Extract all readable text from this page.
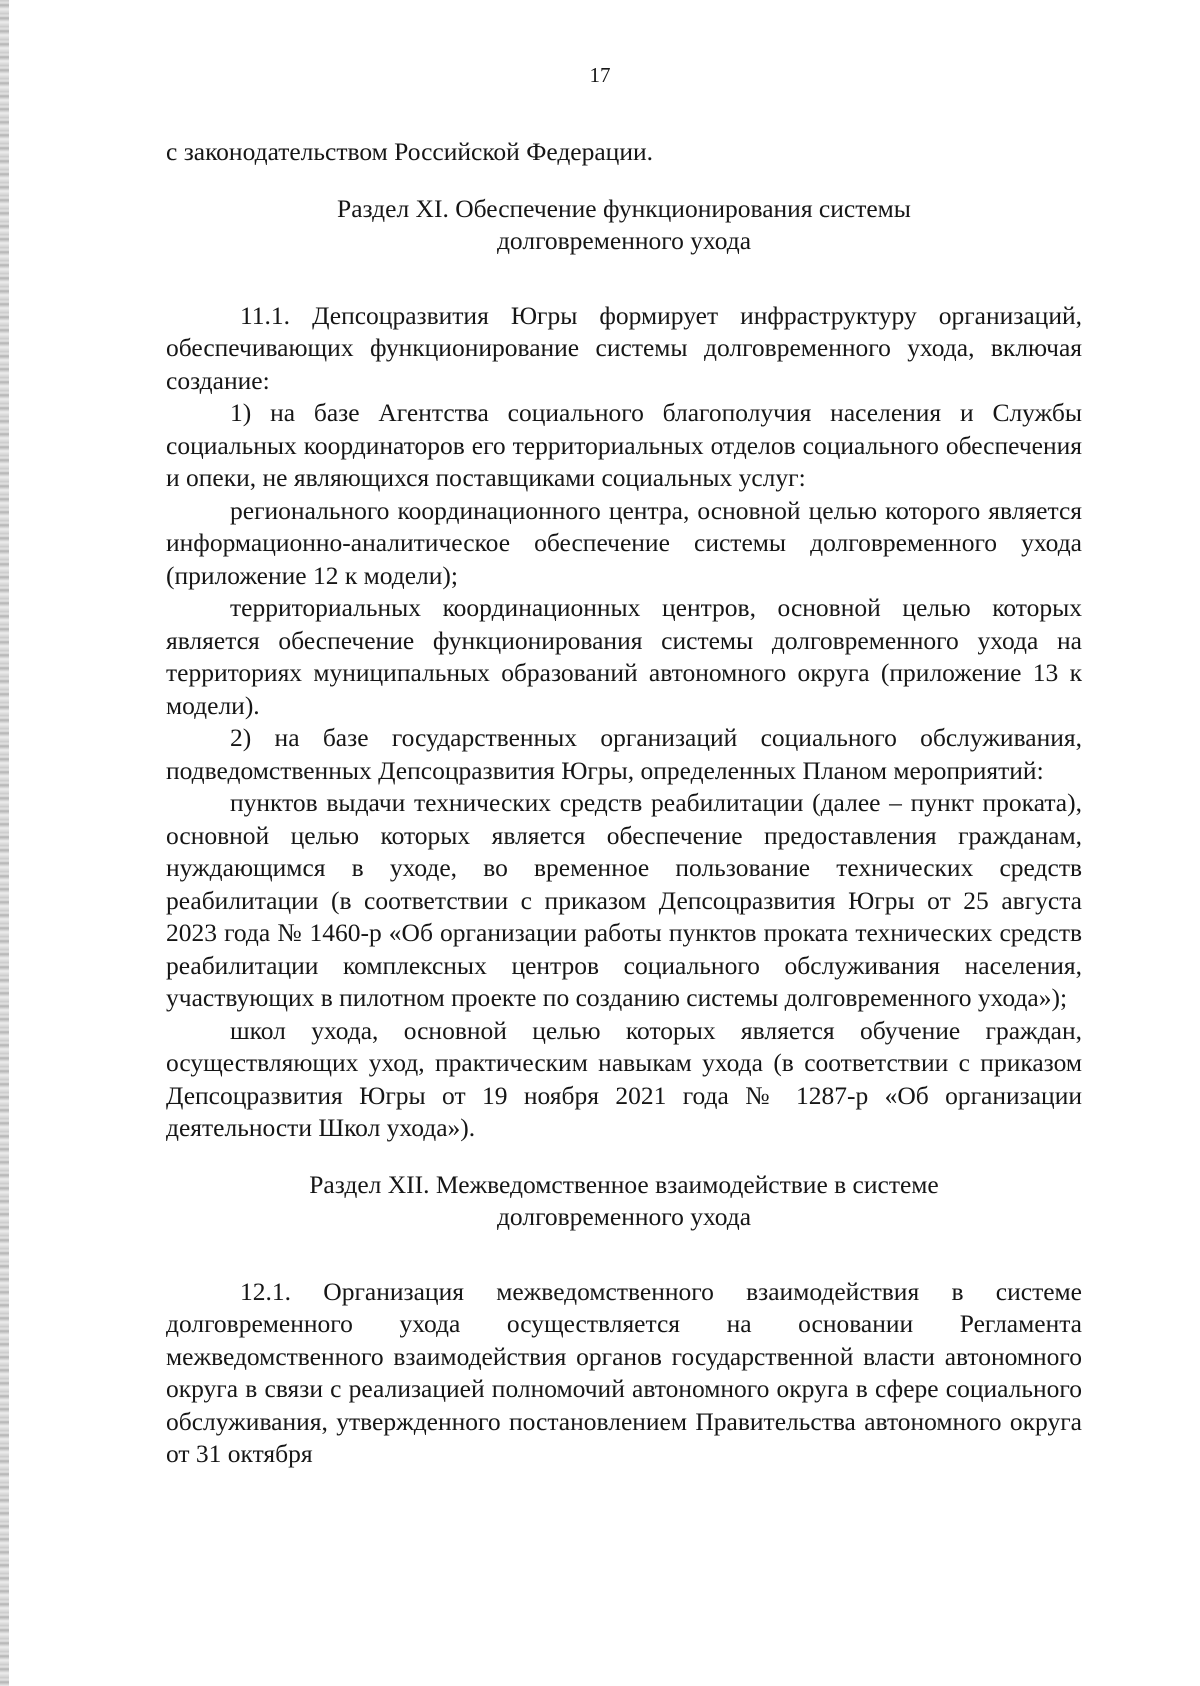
17

с законодательством Российской Федерации.

Раздел XI. Обеспечение функционирования системы
долговременного ухода

11.1. Депсоцразвития Югры формирует инфраструктуру организаций, обеспечивающих функционирование системы долговременного ухода, включая создание:

1) на базе Агентства социального благополучия населения и Службы социальных координаторов его территориальных отделов социального обеспечения и опеки, не являющихся поставщиками социальных услуг:

регионального координационного центра, основной целью которого является информационно-аналитическое обеспечение системы долговременного ухода (приложение 12 к модели);

территориальных координационных центров, основной целью которых является обеспечение функционирования системы долговременного ухода на территориях муниципальных образований автономного округа (приложение 13 к модели).

2) на базе государственных организаций социального обслуживания, подведомственных Депсоцразвития Югры, определенных Планом мероприятий:

пунктов выдачи технических средств реабилитации (далее – пункт проката), основной целью которых является обеспечение предоставления гражданам, нуждающимся в уходе, во временное пользование технических средств реабилитации (в соответствии с приказом Депсоцразвития Югры от 25 августа 2023 года № 1460-р «Об организации работы пунктов проката технических средств реабилитации комплексных центров социального обслуживания населения, участвующих в пилотном проекте по созданию системы долговременного ухода»);

школ ухода, основной целью которых является обучение граждан, осуществляющих уход, практическим навыкам ухода (в соответствии с приказом Депсоцразвития Югры от 19 ноября 2021 года № 1287-р «Об организации деятельности Школ ухода»).

Раздел XII. Межведомственное взаимодействие в системе
долговременного ухода

12.1. Организация межведомственного взаимодействия в системе долговременного ухода осуществляется на основании Регламента межведомственного взаимодействия органов государственной власти автономного округа в связи с реализацией полномочий автономного округа в сфере социального обслуживания, утвержденного постановлением Правительства автономного округа от 31 октября
